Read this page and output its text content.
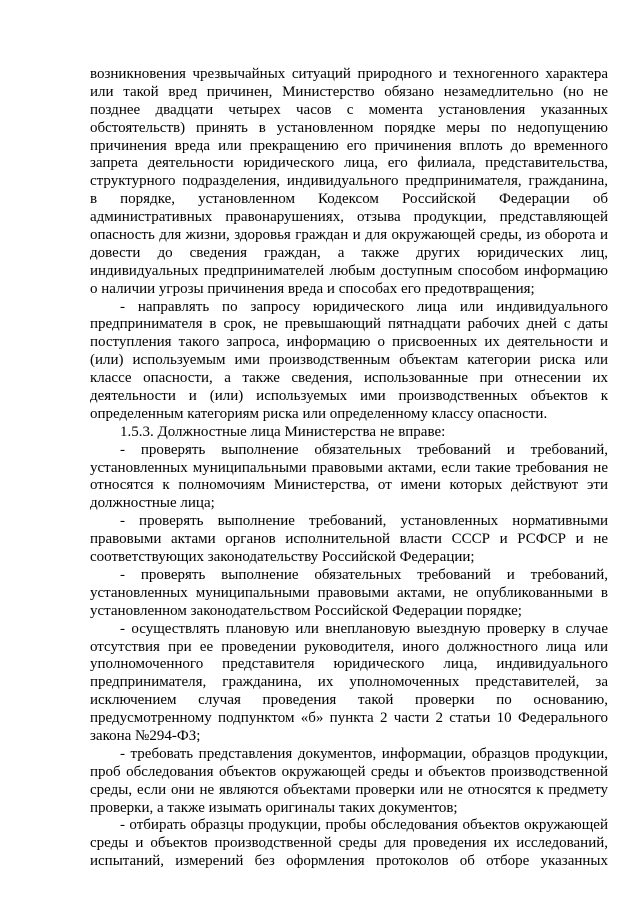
возникновения чрезвычайных ситуаций природного и техногенного характера
или такой вред причинен, Министерство обязано незамедлительно (но не
позднее двадцати четырех часов с момента установления указанных
обстоятельств) принять в установленном порядке меры по недопущению
причинения вреда или прекращению его причинения вплоть до временного
запрета деятельности юридического лица, его филиала, представительства,
структурного подразделения, индивидуального предпринимателя, гражданина,
в порядке, установленном Кодексом Российской Федерации об
административных правонарушениях, отзыва продукции, представляющей
опасность для жизни, здоровья граждан и для окружающей среды, из оборота и
довести до сведения граждан, а также других юридических лиц,
индивидуальных предпринимателей любым доступным способом информацию
о наличии угрозы причинения вреда и способах его предотвращения;
- направлять по запросу юридического лица или индивидуального
предпринимателя в срок, не превышающий пятнадцати рабочих дней с даты
поступления такого запроса, информацию о присвоенных их деятельности и
(или) используемым ими производственным объектам категории риска или
классе опасности, а также сведения, использованные при отнесении их
деятельности и (или) используемых ими производственных объектов к
определенным категориям риска или определенному классу опасности.
1.5.3. Должностные лица Министерства не вправе:
- проверять выполнение обязательных требований и требований,
установленных муниципальными правовыми актами, если такие требования не
относятся к полномочиям Министерства, от имени которых действуют эти
должностные лица;
- проверять выполнение требований, установленных нормативными
правовыми актами органов исполнительной власти СССР и РСФСР и не
соответствующих законодательству Российской Федерации;
- проверять выполнение обязательных требований и требований,
установленных муниципальными правовыми актами, не опубликованными в
установленном законодательством Российской Федерации порядке;
- осуществлять плановую или внеплановую выездную проверку в случае
отсутствия при ее проведении руководителя, иного должностного лица или
уполномоченного представителя юридического лица, индивидуального
предпринимателя, гражданина, их уполномоченных представителей, за
исключением случая проведения такой проверки по основанию,
предусмотренному подпунктом «б» пункта 2 части 2 статьи 10 Федерального
закона №294-ФЗ;
- требовать представления документов, информации, образцов продукции,
проб обследования объектов окружающей среды и объектов производственной
среды, если они не являются объектами проверки или не относятся к предмету
проверки, а также изымать оригиналы таких документов;
- отбирать образцы продукции, пробы обследования объектов окружающей
среды и объектов производственной среды для проведения их исследований,
испытаний, измерений без оформления протоколов об отборе указанных
